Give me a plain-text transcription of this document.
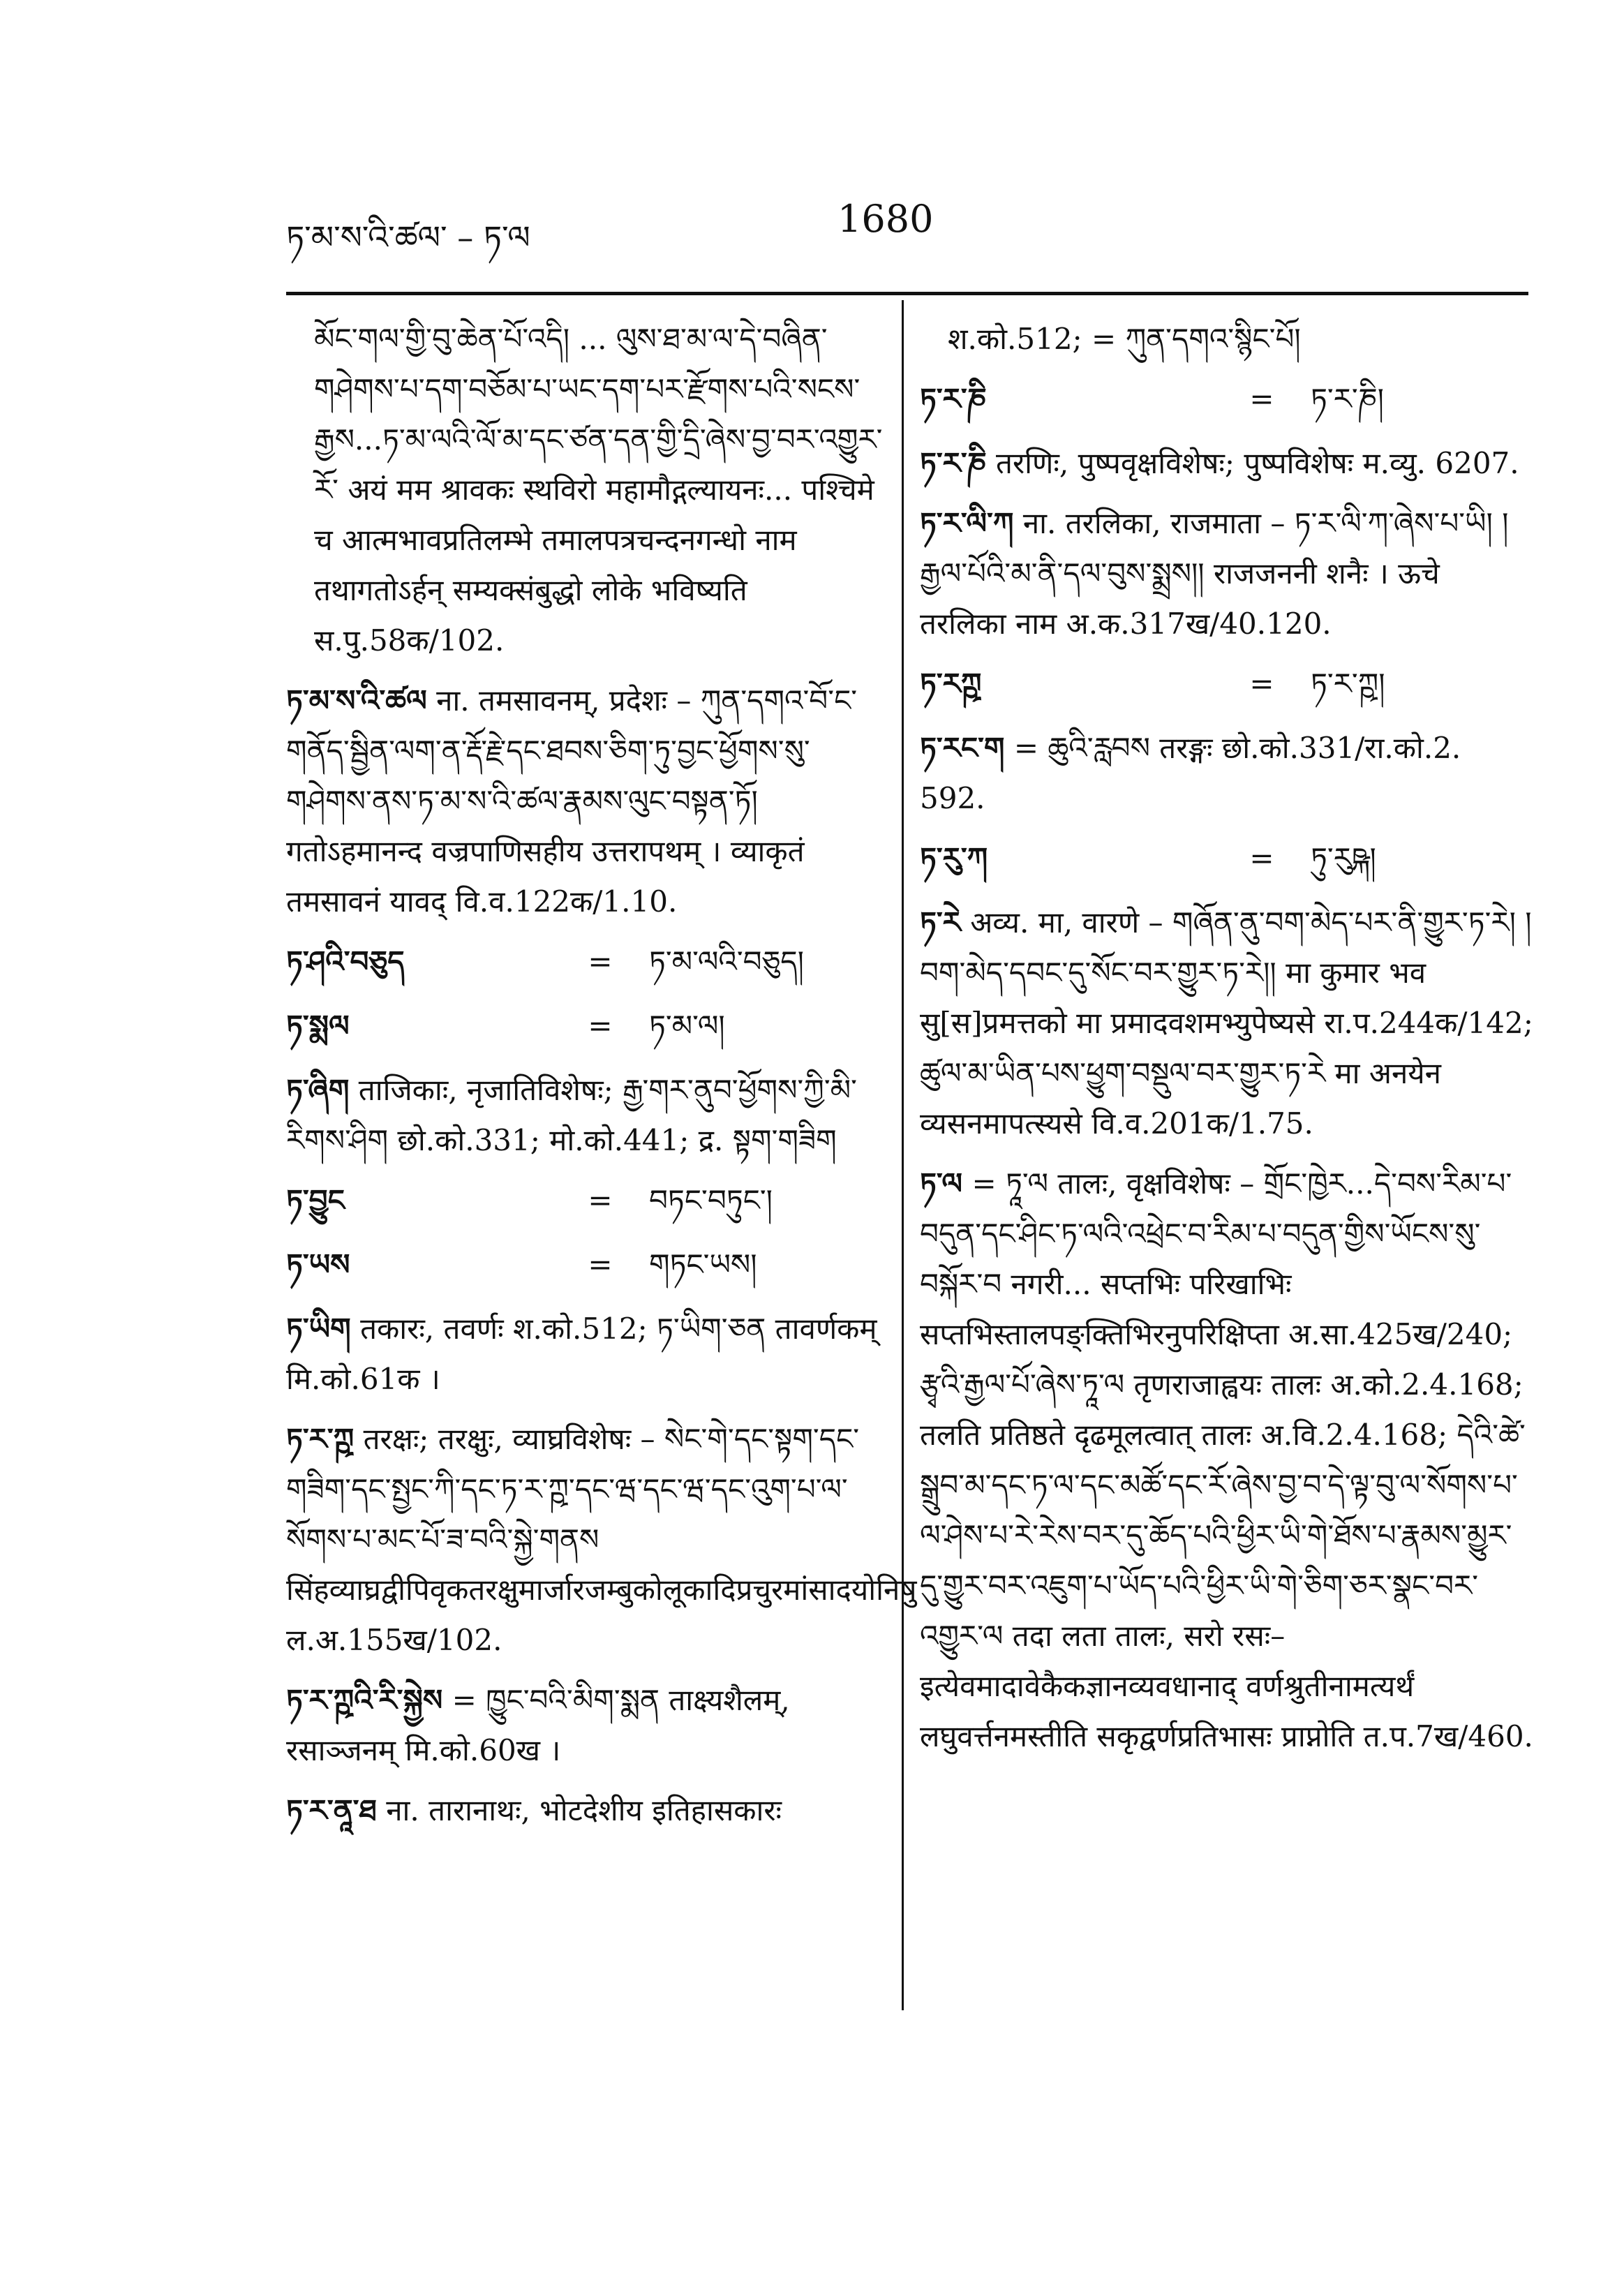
ཏ་མ་ས་འི་ཚལ་ – ཏ་ལ	1680

མོང་གལ་གྱི་བུ་ཆེན་པོ་འདི། ... ལུས་ཐ་མ་ལ་དེ་བཞིན་གཤེགས་པ་དག་བཅོམ་པ་ཡང་དག་པར་རྫོགས་པའི་སངས་རྒྱས...ཏ་མ་ལའི་ལོ་མ་དང་ཙན་དན་གྱི་དྲི་ཞེས་བྱ་བར་འགྱུར་རོ་ अयं मम श्रावकः स्थविरो महामौद्गल्यायनः... पश्चिमे च आत्मभावप्रतिलम्भे तमालपत्रचन्दनगन्धो नाम तथागतोऽर्हन् सम्यक्संबुद्धो लोके भविष्यति स.पु.58क/102.

ཏ་མ་ས་འི་ཚལ ना. तमसावनम्, प्रदेशः – ཀུན་དགའ་བོ་ང་གནོད་སྦྱིན་ལག་ན་རྡོ་རྗེ་དང་ཐབས་ཅིག་ཏུ་བྱང་ཕྱོགས་སུ་གཤེགས་ནས་ཏ་མ་ས་འི་ཚལ་རྣམས་ལུང་བསྟན་ཏོ། गतोऽहमानन्द वज्रपाणिसहीय उत्तरापथम् । व्याकृतं तमसावनं यावद् वि.व.122क/1.10.
ཏ་ཤའི་བཅུད	=	ཏ་མ་ལའི་བཅུད།
ཏ་སྨལ	=	ཏ་མ་ལ།
ཏ་ཞིག ताजिकाः, नृजातिविशेषः; རྒྱ་གར་ནུབ་ཕྱོགས་ཀྱི་མི་རིགས་ཤིག छो.को.331; मो.को.441; द्र. སྟག་གཟིག
ཏ་བྱུང	=	བཏང་བཏུང་།
ཏ་ཡས	=	གཏང་ཡས།
ཏ་ཡིག तकारः, तवर्णः श.को.512; ཏ་ཡིག་ཅན तावर्णकम् मि.को.61क ।
ཏ་ར་ཀྵ तरक्षः; तरक्षुः, व्याघ्रविशेषः – སེང་གེ་དང་སྟག་དང་གཟིག་དང་སྤྱང་ཀི་དང་ཏ་ར་ཀྵ་དང་ཝ་དང་ཝ་དང་འུག་པ་ལ་སོགས་པ་མང་པོ་ཟ་བའི་སྐྱེ་གནས सिंहव्याघ्रद्वीपिवृकतरक्षुमार्जारजम्बुकोलूकादिप्रचुरमांसादयोनिषु ल.अ.155ख/102.
ཏ་ར་ཀྵའི་རི་སྐྱེས = ཁྱུང་བའི་མིག་སྨན ताक्ष्यशैलम्, रसाञ्जनम् मि.को.60ख ।
ཏ་ར་ནཱ་ཐ ना. तारानाथः, भोटदेशीय इतिहासकारः

श.को.512; = ཀུན་དགའ་སྙིང་པོ།

ཏ་ར་ཎི	=	ཏ་ར་ཎི།
ཏ་ར་ཎི तरणिः, पुष्पवृक्षविशेषः; पुष्पविशेषः म.व्यु. 6207.
ཏ་ར་ལི་ཀ ना. तरलिका, राजमाता – ཏ་ར་ལི་ཀ་ཞེས་པ་ཡི། །རྒྱལ་པོའི་མ་ནི་དལ་བུས་སྨྲས།། राजजननी शनैः । ऊचे तरलिका नाम अ.क.317ख/40.120.
ཏ་རཀྵ	=	ཏ་ར་ཀྵ།
ཏ་རང་ག = ཆུའི་རླབས तरङ्गः छो.को.331/रा.को.2. 592.
ཏ་རུ་ཀ	=	ཏུ་རུཥྐ།
ཏ་རེ अव्य. मा, वारणे – གཞོན་ནུ་བག་མེད་པར་ནི་གྱུར་ཏ་རེ། །བག་མེད་དབང་དུ་སོང་བར་གྱུར་ཏ་རེ།། मा कुमार भव सु[स]प्रमत्तको मा प्रमादवशमभ्युपेष्यसे रा.प.244क/142; ཚུལ་མ་ཡིན་པས་ཕྱུག་བསྡུལ་བར་གྱུར་ཏ་རེ मा अनयेन व्यसनमापत्स्यसे वि.व.201क/1.75.
ཏ་ལ = ཏཱ་ལ तालः, वृक्षविशेषः – གྲོང་ཁྱེར...དེ་བས་རིམ་པ་བདུན་དང་ཤིང་ཏ་ལའི་འཕྲེང་བ་རིམ་པ་བདུན་གྱིས་ཡོངས་སུ་བསྐོར་བ नगरी... सप्तभिः परिखाभिः सप्तभिस्तालपङ्क्तिभिरनुपरिक्षिप्ता अ.सा.425ख/240; རྩྭའི་རྒྱལ་པོ་ཞེས་ཏཱ་ལ तृणराजाह्वयः तालः अ.को.2.4.168; तलति प्रतिष्ठते दृढमूलत्वात् तालः अ.वि.2.4.168; དེའི་ཚེ་སྒྲུབ་མ་དང་ཏ་ལ་དང་མཚོ་དང་རོ་ཞེས་བྱ་བ་དེ་ལྟ་བུ་ལ་སོགས་པ་ལ་ཤེས་པ་རེ་རེས་བར་དུ་ཆོད་པའི་ཕྱིར་ཡི་གེ་ཐོས་པ་རྣམས་མྱུར་དུ་གྱུར་བར་འཇུག་པ་ཡོད་པའི་ཕྱིར་ཡི་གེ་ཅིག་ཅར་སྣང་བར་འགྱུར་ལ तदा लता तालः, सरो रसः–इत्येवमादावेकैकज्ञानव्यवधानाद् वर्णश्रुतीनामत्यर्थं लघुवर्त्तनमस्तीति सकृद्वर्णप्रतिभासः प्राप्नोति त.प.7ख/460.
